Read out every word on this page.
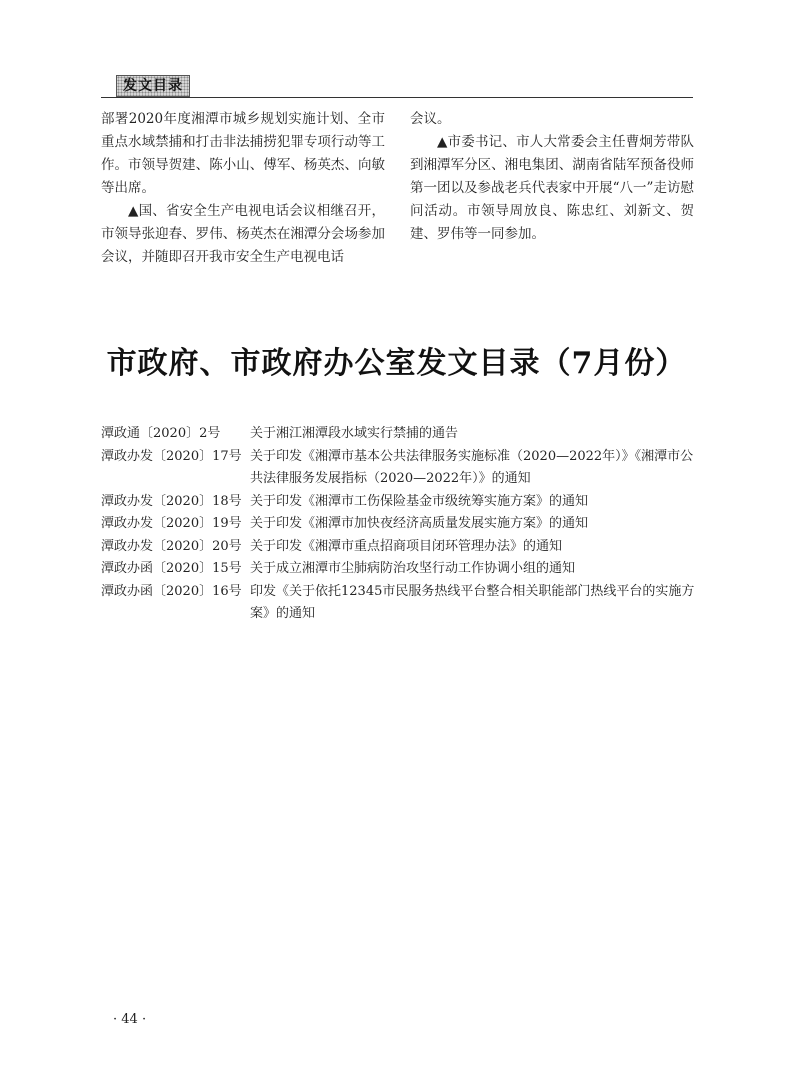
发文目录

部署2020年度湘潭市城乡规划实施计划、全市重点水域禁捕和打击非法捕捞犯罪专项行动等工作。市领导贺建、陈小山、傅军、杨英杰、向敏等出席。

▲国、省安全生产电视电话会议相继召开，市领导张迎春、罗伟、杨英杰在湘潭分会场参加会议，并随即召开我市安全生产电视电话

会议。

▲市委书记、市人大常委会主任曹炯芳带队到湘潭军分区、湘电集团、湖南省陆军预备役师第一团以及参战老兵代表家中开展“八一”走访慰问活动。市领导周放良、陈忠红、刘新文、贺建、罗伟等一同参加。

市政府、市政府办公室发文目录（7月份）
潭政通〔2020〕2号	关于湘江湘潭段水域实行禁捕的通告
潭政办发〔2020〕17号 关于印发《湘潭市基本公共法律服务实施标准（2020—2022年）》《湘潭市公共法律服务发展指标（2020—2022年）》的通知
潭政办发〔2020〕18号 关于印发《湘潭市工伤保险基金市级统筹实施方案》的通知
潭政办发〔2020〕19号 关于印发《湘潭市加快夜经济高质量发展实施方案》的通知
潭政办发〔2020〕20号 关于印发《湘潭市重点招商项目闭环管理办法》的通知
潭政办函〔2020〕15号 关于成立湘潭市尘肺病防治攻坚行动工作协调小组的通知
潭政办函〔2020〕16号 印发《关于依托12345市民服务热线平台整合相关职能部门热线平台的实施方案》的通知
· 44 ·
